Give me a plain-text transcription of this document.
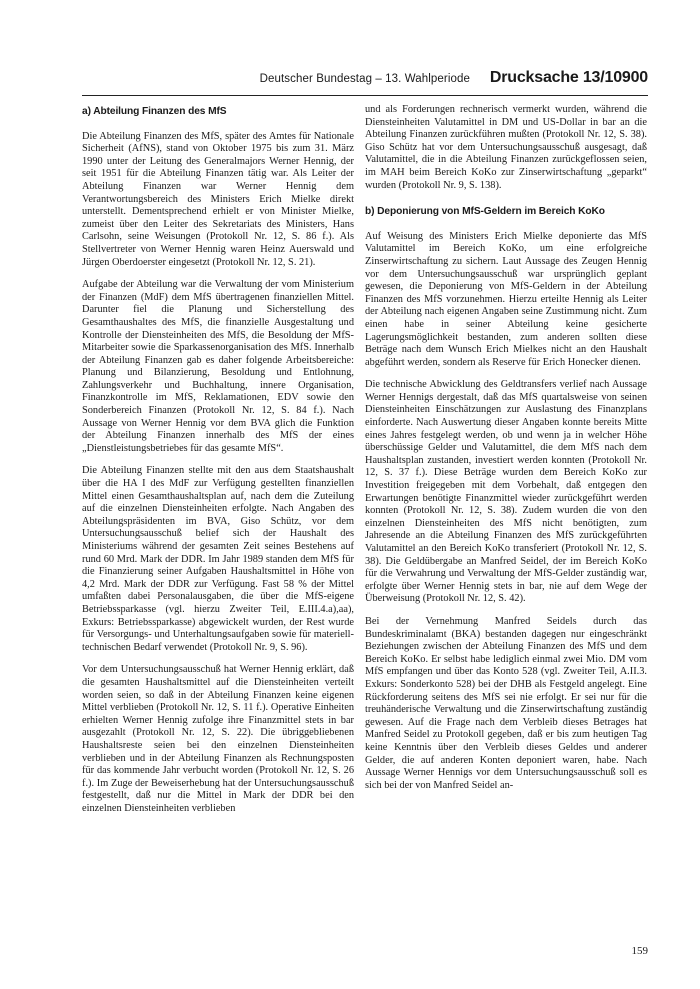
Deutscher Bundestag – 13. Wahlperiode Drucksache 13/10900
a) Abteilung Finanzen des MfS

Die Abteilung Finanzen des MfS, später des Amtes für Nationale Sicherheit (AfNS), stand von Oktober 1975 bis zum 31. März 1990 unter der Leitung des Generalmajors Werner Hennig, der seit 1951 für die Abteilung Finanzen tätig war. Als Leiter der Abteilung Finanzen war Werner Hennig dem Verantwortungsbereich des Ministers Erich Mielke direkt unterstellt. Dementsprechend erhielt er von Minister Mielke, zumeist über den Leiter des Sekretariats des Ministers, Hans Carlsohn, seine Weisungen (Protokoll Nr. 12, S. 86 f.). Als Stellvertreter von Werner Hennig waren Heinz Auerswald und Jürgen Oberdoerster eingesetzt (Protokoll Nr. 12, S. 21).

Aufgabe der Abteilung war die Verwaltung der vom Ministerium der Finanzen (MdF) dem MfS übertragenen finanziellen Mittel. Darunter fiel die Planung und Sicherstellung des Gesamthaushaltes des MfS, die finanzielle Ausgestaltung und Kontrolle der Diensteinheiten des MfS, die Besoldung der MfS-Mitarbeiter sowie die Sparkassenorganisation des MfS. Innerhalb der Abteilung Finanzen gab es daher folgende Arbeitsbereiche: Planung und Bilanzierung, Besoldung und Entlohnung, Zahlungsverkehr und Buchhaltung, innere Organisation, Finanzkontrolle im MfS, Reklamationen, EDV sowie den Sonderbereich Finanzen (Protokoll Nr. 12, S. 84 f.). Nach Aussage von Werner Hennig vor dem BVA glich die Funktion der Abteilung Finanzen innerhalb des MfS der eines „Dienstleistungsbetriebes für das gesamte MfS“.

Die Abteilung Finanzen stellte mit den aus dem Staatshaushalt über die HA I des MdF zur Verfügung gestellten finanziellen Mittel einen Gesamthaushaltsplan auf, nach dem die Zuteilung auf die einzelnen Diensteinheiten erfolgte. Nach Angaben des Abteilungspräsidenten im BVA, Giso Schütz, vor dem Untersuchungsausschuß belief sich der Haushalt des Ministeriums während der gesamten Zeit seines Bestehens auf rund 60 Mrd. Mark der DDR. Im Jahr 1989 standen dem MfS für die Finanzierung seiner Aufgaben Haushaltsmittel in Höhe von 4,2 Mrd. Mark der DDR zur Verfügung. Fast 58 % der Mittel umfaßten dabei Personalausgaben, die über die MfS-eigene Betriebssparkasse (vgl. hierzu Zweiter Teil, E.III.4.a),aa), Exkurs: Betriebssparkasse) abgewickelt wurden, der Rest wurde für Versorgungs- und Unterhaltungsaufgaben sowie für materiell-technischen Bedarf verwendet (Protokoll Nr. 9, S. 96).

Vor dem Untersuchungsausschuß hat Werner Hennig erklärt, daß die gesamten Haushaltsmittel auf die Diensteinheiten verteilt worden seien, so daß in der Abteilung Finanzen keine eigenen Mittel verblieben (Protokoll Nr. 12, S. 11 f.). Operative Einheiten erhielten Werner Hennig zufolge ihre Finanzmittel stets in bar ausgezahlt (Protokoll Nr. 12, S. 22). Die übriggebliebenen Haushaltsreste seien bei den einzelnen Diensteinheiten verblieben und in der Abteilung Finanzen als Rechnungsposten für das kommende Jahr verbucht worden (Protokoll Nr. 12, S. 26 f.). Im Zuge der Beweiserhebung hat der Untersuchungsausschuß festgestellt, daß nur die Mittel in Mark der DDR bei den einzelnen Diensteinheiten verblieben

und als Forderungen rechnerisch vermerkt wurden, während die Diensteinheiten Valutamittel in DM und US-Dollar in bar an die Abteilung Finanzen zurückführen mußten (Protokoll Nr. 12, S. 38). Giso Schütz hat vor dem Untersuchungsausschuß ausgesagt, daß Valutamittel, die in die Abteilung Finanzen zurückgeflossen seien, im MAH beim Bereich KoKo zur Zinserwirtschaftung „geparkt“ wurden (Protokoll Nr. 9, S. 138).

b) Deponierung von MfS-Geldern im Bereich KoKo

Auf Weisung des Ministers Erich Mielke deponierte das MfS Valutamittel im Bereich KoKo, um eine erfolgreiche Zinserwirtschaftung zu sichern. Laut Aussage des Zeugen Hennig vor dem Untersuchungsausschuß war ursprünglich geplant gewesen, die Deponierung von MfS-Geldern in der Abteilung Finanzen des MfS vorzunehmen. Hierzu erteilte Hennig als Leiter der Abteilung nach eigenen Angaben seine Zustimmung nicht. Zum einen habe in seiner Abteilung keine gesicherte Lagerungsmöglichkeit bestanden, zum anderen sollten diese Beträge nach dem Wunsch Erich Mielkes nicht an den Haushalt abgeführt werden, sondern als Reserve für Erich Honecker dienen.

Die technische Abwicklung des Geldtransfers verlief nach Aussage Werner Hennigs dergestalt, daß das MfS quartalsweise von seinen Diensteinheiten Einschätzungen zur Auslastung des Finanzplans einforderte. Nach Auswertung dieser Angaben konnte bereits Mitte eines Jahres festgelegt werden, ob und wenn ja in welcher Höhe überschüssige Gelder und Valutamittel, die dem MfS nach dem Haushaltsplan zustanden, investiert werden konnten (Protokoll Nr. 12, S. 37 f.). Diese Beträge wurden dem Bereich KoKo zur Investition freigegeben mit dem Vorbehalt, daß entgegen den Erwartungen benötigte Finanzmittel wieder zurückgeführt werden konnten (Protokoll Nr. 12, S. 38). Zudem wurden die von den einzelnen Diensteinheiten des MfS nicht benötigten, zum Jahresende an die Abteilung Finanzen des MfS zurückgeführten Valutamittel an den Bereich KoKo transferiert (Protokoll Nr. 12, S. 38). Die Geldübergabe an Manfred Seidel, der im Bereich KoKo für die Verwahrung und Verwaltung der MfS-Gelder zuständig war, erfolgte über Werner Hennig stets in bar, nie auf dem Wege der Überweisung (Protokoll Nr. 12, S. 42).

Bei der Vernehmung Manfred Seidels durch das Bundeskriminalamt (BKA) bestanden dagegen nur eingeschränkt Beziehungen zwischen der Abteilung Finanzen des MfS und dem Bereich KoKo. Er selbst habe lediglich einmal zwei Mio. DM vom MfS empfangen und über das Konto 528 (vgl. Zweiter Teil, A.II.3. Exkurs: Sonderkonto 528) bei der DHB als Festgeld angelegt. Eine Rückforderung seitens des MfS sei nie erfolgt. Er sei nur für die treuhänderische Verwaltung und die Zinserwirtschaftung zuständig gewesen. Auf die Frage nach dem Verbleib dieses Betrages hat Manfred Seidel zu Protokoll gegeben, daß er bis zum heutigen Tag keine Kenntnis über den Verbleib dieses Geldes und anderer Gelder, die auf anderen Konten deponiert waren, habe. Nach Aussage Werner Hennigs vor dem Untersuchungsausschuß soll es sich bei der von Manfred Seidel an-

159
